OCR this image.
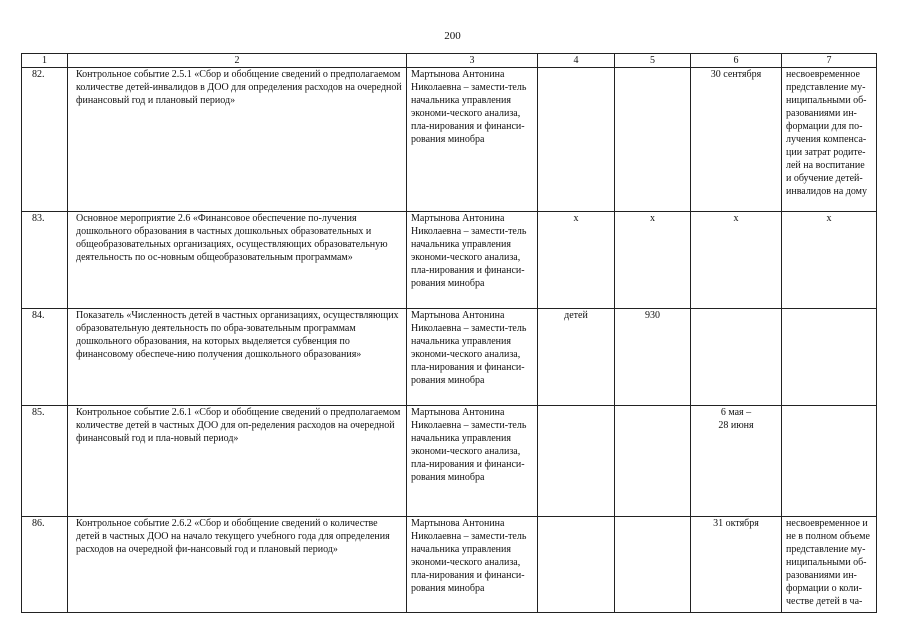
200
1	2	3	4	5	6	7
82.	Контрольное событие 2.5.1 «Сбор и обобщение сведений о предполагаемом количестве детей-инвалидов в ДОО для определения расходов на очередной финансовый год и плановый период»	Мартынова Антонина Николаевна – замести-тель начальника управления экономи-ческого анализа, пла-нирования и финанси-рования минобра			30 сентября	несвоевременное представление му-ниципальными об-разованиями ин-формации для по-лучения компенса-ции затрат родите-лей на воспитание и обучение детей-инвалидов на дому
83.	Основное мероприятие 2.6 «Финансовое обеспечение по-лучения дошкольного образования в частных дошкольных образовательных и общеобразовательных организациях, осуществляющих образовательную деятельность по ос-новным общеобразовательным программам»	Мартынова Антонина Николаевна – замести-тель начальника управления экономи-ческого анализа, пла-нирования и финанси-рования минобра	х	х	х	х
84.	Показатель «Численность детей в частных организациях, осуществляющих образовательную деятельность по обра-зовательным программам дошкольного образования, на которых выделяется субвенция по финансовому обеспече-нию получения дошкольного образования»	Мартынова Антонина Николаевна – замести-тель начальника управления экономи-ческого анализа, пла-нирования и финанси-рования минобра	детей	930		
85.	Контрольное событие 2.6.1 «Сбор и обобщение сведений о предполагаемом количестве детей в частных ДОО для оп-ределения расходов на очередной финансовый год и пла-новый период»	Мартынова Антонина Николаевна – замести-тель начальника управления экономи-ческого анализа, пла-нирования и финанси-рования минобра			6 мая –
28 июня	
86.	Контрольное событие 2.6.2 «Сбор и обобщение сведений о количестве детей в частных ДОО на начало текущего учебного года для определения расходов на очередной фи-нансовый год и плановый период»	Мартынова Антонина Николаевна – замести-тель начальника управления экономи-ческого анализа, пла-нирования и финанси-рования минобра			31 октября	несвоевременное и не в полном объеме представление му-ниципальными об-разованиями ин-формации о коли-честве детей в ча-
